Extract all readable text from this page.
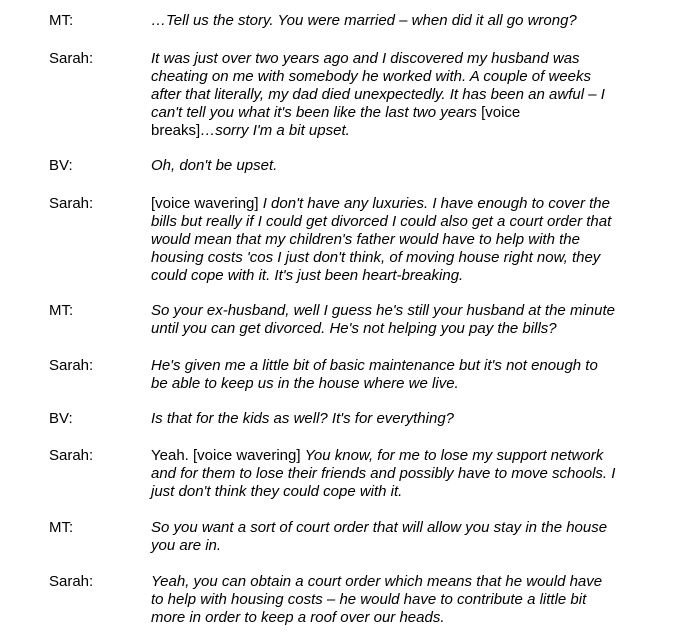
MT:	…Tell us the story. You were married – when did it all go wrong?
Sarah:	It was just over two years ago and I discovered my husband was
cheating on me with somebody he worked with. A couple of weeks
after that literally, my dad died unexpectedly. It has been an awful – I
can't tell you what it's been like the last two years [voice
breaks]…sorry I'm a bit upset.
BV:	Oh, don't be upset.
Sarah:	[voice wavering] I don't have any luxuries. I have enough to cover the
bills but really if I could get divorced I could also get a court order that
would mean that my children's father would have to help with the
housing costs 'cos I just don't think, of moving house right now, they
could cope with it. It's just been heart-breaking.
MT:	So your ex-husband, well I guess he's still your husband at the minute
until you can get divorced. He's not helping you pay the bills?
Sarah:	He's given me a little bit of basic maintenance but it's not enough to
be able to keep us in the house where we live.
BV:	Is that for the kids as well? It's for everything?
Sarah:	Yeah. [voice wavering] You know, for me to lose my support network
and for them to lose their friends and possibly have to move schools. I
just don't think they could cope with it.
MT:	So you want a sort of court order that will allow you stay in the house
you are in.
Sarah:	Yeah, you can obtain a court order which means that he would have
to help with housing costs – he would have to contribute a little bit
more in order to keep a roof over our heads.
